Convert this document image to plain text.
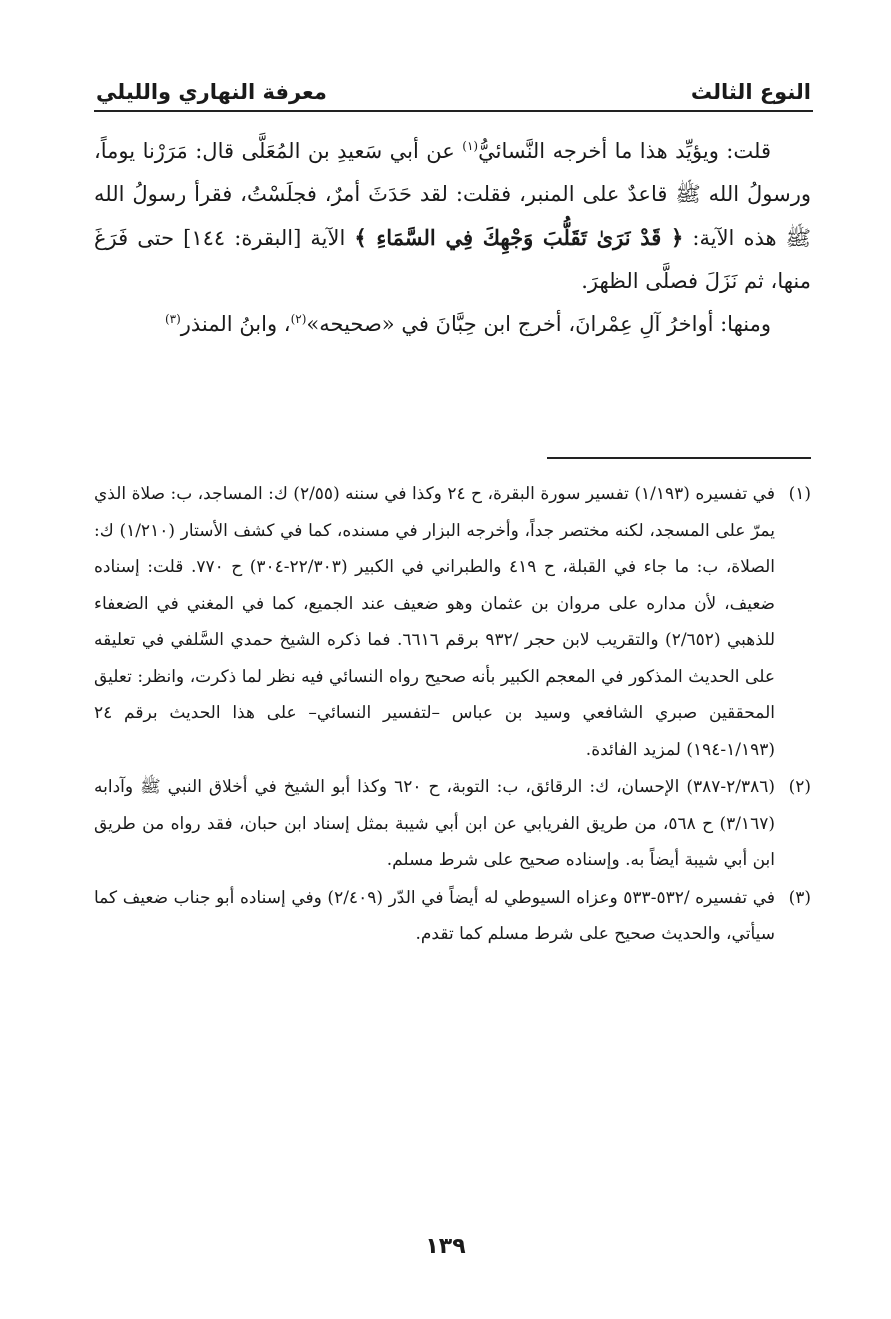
النوع الثالث
معرفة النهاري والليلي

قلت: ويؤيِّد هذا ما أخرجه النَّسائيُّ$^{(١)}$ عن أبي سَعيدِ بن المُعَلَّى قال: مَرَرْنا يوماً، ورسولُ الله ﷺ قاعدٌ على المنبر، فقلت: لقد حَدَثَ أمرٌ، فجلَسْتُ، فقرأ رسولُ الله ﷺ هذه الآية: ﴿ قَدْ نَرَىٰ تَقَلُّبَ وَجْهِكَ فِي السَّمَاءِ ﴾ الآية [البقرة: ١٤٤] حتى فَرَغَ منها، ثم نَزَلَ فصلَّى الظهرَ.

ومنها: أواخرُ آلِ عِمْرانَ، أخرج ابن حِبَّانَ في «صحيحه»$^{(٢)}$، وابنُ المنذر$^{(٣)}$

(١)
في تفسيره (١/١٩٣) تفسير سورة البقرة، ح ٢٤ وكذا في سننه (٢/٥٥) ك: المساجد، ب: صلاة الذي يمرّ على المسجد، لكنه مختصر جداً، وأخرجه البزار في مسنده، كما في كشف الأستار (١/٢١٠) ك: الصلاة، ب: ما جاء في القبلة، ح ٤١٩ والطبراني في الكبير (٢٢/٣٠٣-٣٠٤) ح ٧٧٠. قلت: إسناده ضعيف، لأن مداره على مروان بن عثمان وهو ضعيف عند الجميع، كما في المغني في الضعفاء للذهبي (٢/٦٥٢) والتقريب لابن حجر /٩٣٢ برقم ٦٦١٦. فما ذكره الشيخ حمدي السَّلفي في تعليقه على الحديث المذكور في المعجم الكبير بأنه صحيح رواه النسائي فيه نظر لما ذكرت، وانظر: تعليق المحققين صبري الشافعي وسيد بن عباس –لتفسير النسائي– على هذا الحديث برقم ٢٤ (١/١٩٣-١٩٤) لمزيد الفائدة.

(٢)
(٢/٣٨٦-٣٨٧) الإحسان، ك: الرقائق، ب: التوبة، ح ٦٢٠ وكذا أبو الشيخ في أخلاق النبي ﷺ وآدابه (٣/١٦٧) ح ٥٦٨، من طريق الفريابي عن ابن أبي شيبة بمثل إسناد ابن حبان، فقد رواه من طريق ابن أبي شيبة أيضاً به. وإسناده صحيح على شرط مسلم.

(٣)
في تفسيره /٥٣٢-٥٣٣ وعزاه السيوطي له أيضاً في الدّر (٢/٤٠٩) وفي إسناده أبو جناب ضعيف كما سيأتي، والحديث صحيح على شرط مسلم كما تقدم.

١٣٩
